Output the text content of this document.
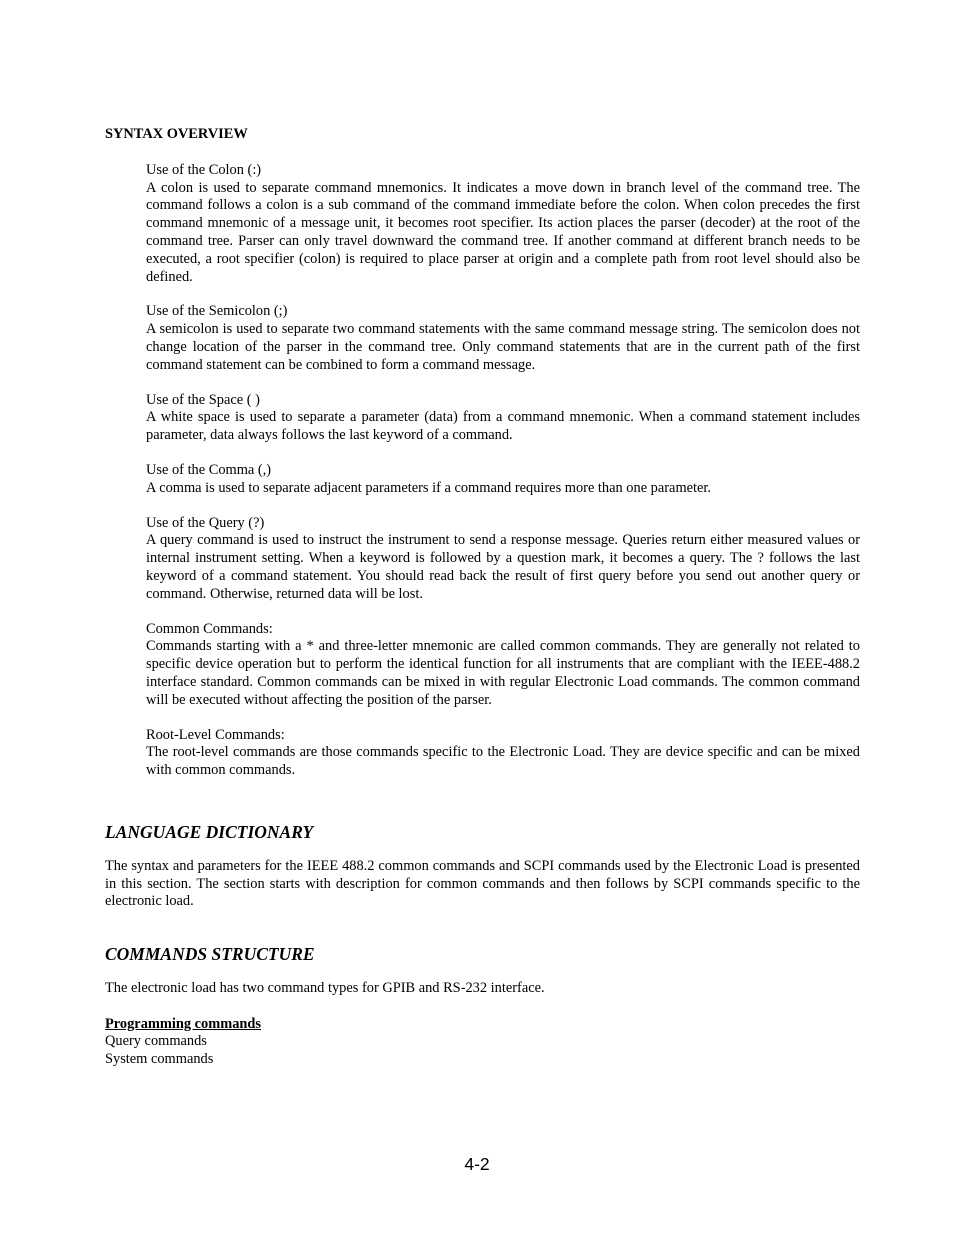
SYNTAX OVERVIEW
Use of the Colon (:)
A colon is used to separate command mnemonics. It indicates a move down in branch level of the command tree. The command follows a colon is a sub command of the command immediate before the colon. When colon precedes the first command mnemonic of a message unit, it becomes root specifier. Its action places the parser (decoder) at the root of the command tree. Parser can only travel downward the command tree. If another command at different branch needs to be executed, a root specifier (colon) is required to place parser at origin and a complete path from root level should also be defined.
Use of the Semicolon (;)
A semicolon is used to separate two command statements with the same command message string. The semicolon does not change location of the parser in the command tree. Only command statements that are in the current path of the first command statement can be combined to form a command message.
Use of the Space ( )
A white space is used to separate a parameter (data) from a command mnemonic. When a command statement includes parameter, data always follows the last keyword of a command.
Use of the Comma (,)
A comma is used to separate adjacent parameters if a command requires more than one parameter.
Use of the Query (?)
A query command is used to instruct the instrument to send a response message. Queries return either measured values or internal instrument setting. When a keyword is followed by a question mark, it becomes a query. The ? follows the last keyword of a command statement. You should read back the result of first query before you send out another query or command. Otherwise, returned data will be lost.
Common Commands:
Commands starting with a * and three-letter mnemonic are called common commands. They are generally not related to specific device operation but to perform the identical function for all instruments that are compliant with the IEEE-488.2 interface standard. Common commands can be mixed in with regular Electronic Load commands. The common command will be executed without affecting the position of the parser.
Root-Level Commands:
The root-level commands are those commands specific to the Electronic Load. They are device specific and can be mixed with common commands.
LANGUAGE DICTIONARY
The syntax and parameters for the IEEE 488.2 common commands and SCPI commands used by the Electronic Load is presented in this section. The section starts with description for common commands and then follows by SCPI commands specific to the electronic load.
COMMANDS STRUCTURE
The electronic load has two command types for GPIB and RS-232 interface.
Programming commands
Query commands
System commands
4-2
